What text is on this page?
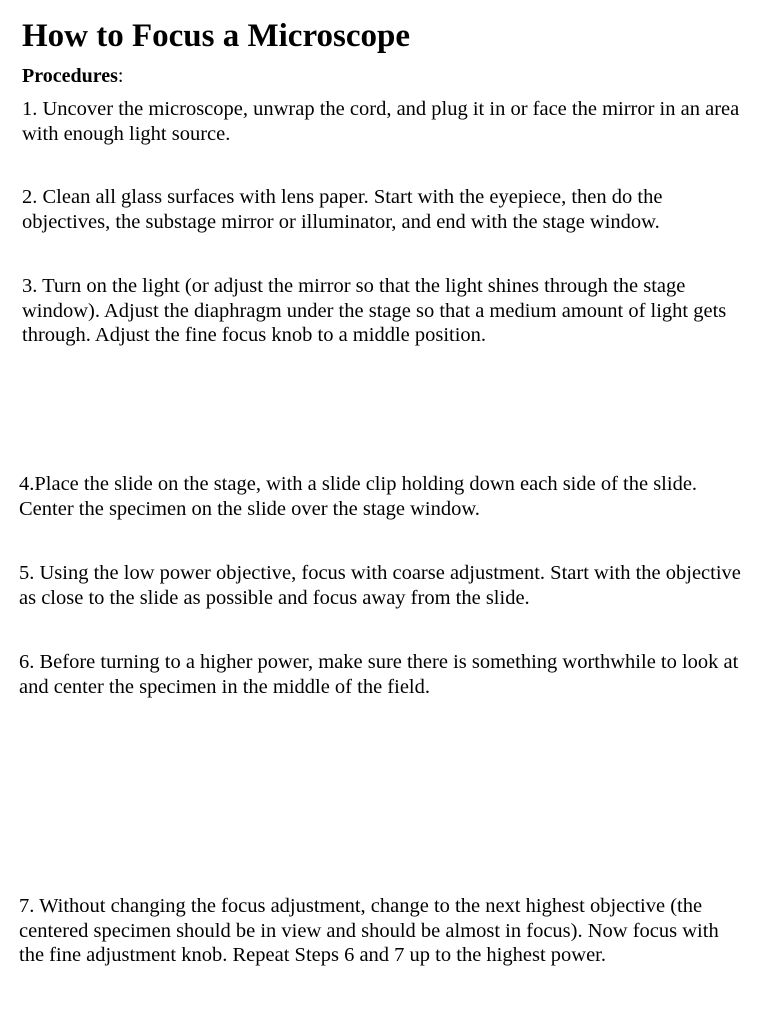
How to Focus a Microscope
Procedures:

1. Uncover the microscope, unwrap the cord, and plug it in or face the mirror in an area with enough light source.

2. Clean all glass surfaces with lens paper. Start with the eyepiece, then do the objectives, the substage mirror or illuminator, and end with the stage window.

3. Turn on the light (or adjust the mirror so that the light shines through the stage window). Adjust the diaphragm under the stage so that a medium amount of light gets through. Adjust the fine focus knob to a middle position.

4.Place the slide on the stage, with a slide clip holding down each side of the slide. Center the specimen on the slide over the stage window.

5. Using the low power objective, focus with coarse adjustment. Start with the objective as close to the slide as possible and focus away from the slide.

6. Before turning to a higher power, make sure there is something worthwhile to look at and center the specimen in the middle of the field.

7. Without changing the focus adjustment, change to the next highest objective (the centered specimen should be in view and should be almost in focus). Now focus with the fine adjustment knob. Repeat Steps 6 and 7 up to the highest power.
